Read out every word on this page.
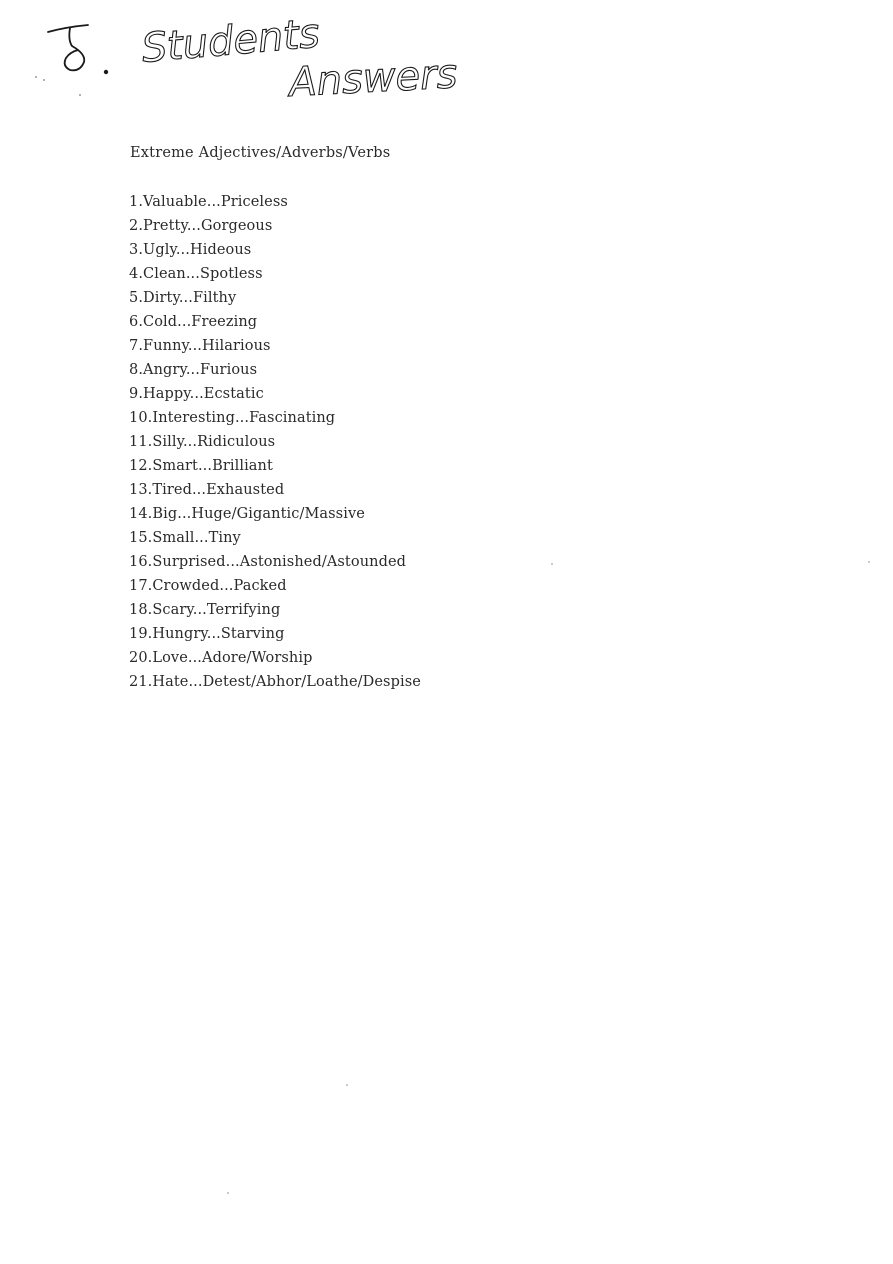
Students
Answers
Extreme Adjectives/Adverbs/Verbs
1.Valuable...Priceless
2.Pretty...Gorgeous
3.Ugly...Hideous
4.Clean...Spotless
5.Dirty...Filthy
6.Cold...Freezing
7.Funny...Hilarious
8.Angry...Furious
9.Happy...Ecstatic
10.Interesting...Fascinating
11.Silly...Ridiculous
12.Smart...Brilliant
13.Tired...Exhausted
14.Big...Huge/Gigantic/Massive
15.Small...Tiny
16.Surprised...Astonished/Astounded
17.Crowded...Packed
18.Scary...Terrifying
19.Hungry...Starving
20.Love...Adore/Worship
21.Hate...Detest/Abhor/Loathe/Despise
